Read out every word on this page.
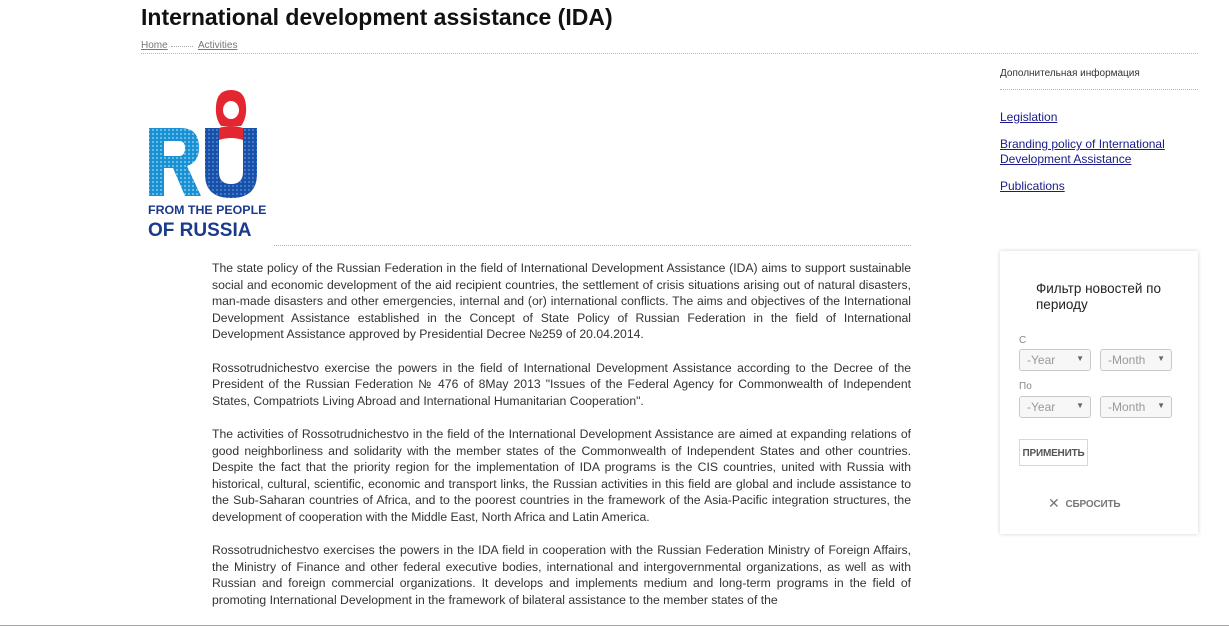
International development assistance (IDA)
Home	Activities
FROM THE PEOPLE
OF RUSSIA

The state policy of the Russian Federation in the field of International Development Assistance (IDA) aims to support sustainable social and economic development of the aid recipient countries, the settlement of crisis situations arising out of natural disasters, man-made disasters and other emergencies, internal and (or) international conflicts. The aims and objectives of the International Development Assistance established in the Concept of State Policy of Russian Federation in the field of International Development Assistance approved by Presidential Decree №259 of 20.04.2014.

Rossotrudnichestvo exercise the powers in the field of International Development Assistance according to the Decree of the President of the Russian Federation № 476 of 8May 2013 "Issues of the Federal Agency for Commonwealth of Independent States, Compatriots Living Abroad and International Humanitarian Cooperation".

The activities of Rossotrudnichestvo in the field of the International Development Assistance are aimed at expanding relations of good neighborliness and solidarity with the member states of the Commonwealth of Independent States and other countries. Despite the fact that the priority region for the implementation of IDA programs is the CIS countries, united with Russia with historical, cultural, scientific, economic and transport links, the Russian activities in this field are global and include assistance to the Sub-Saharan countries of Africa, and to the poorest countries in the framework of the Asia-Pacific integration structures, the development of cooperation with the Middle East, North Africa and Latin America.

Rossotrudnichestvo exercises the powers in the IDA field in cooperation with the Russian Federation Ministry of Foreign Affairs, the Ministry of Finance and other federal executive bodies, international and intergovernmental organizations, as well as with Russian and foreign commercial organizations. It develops and implements medium and long-term programs in the field of promoting International Development in the framework of bilateral assistance to the member states of the

Дополнительная информация
Legislation
Branding policy of International Development Assistance
Publications
Фильтр новостей по периоду
С
-Year	▼	-Month ▼
По
-Year	▼	-Month ▼
ПРИМЕНИТЬ
✕ СБРОСИТЬ
